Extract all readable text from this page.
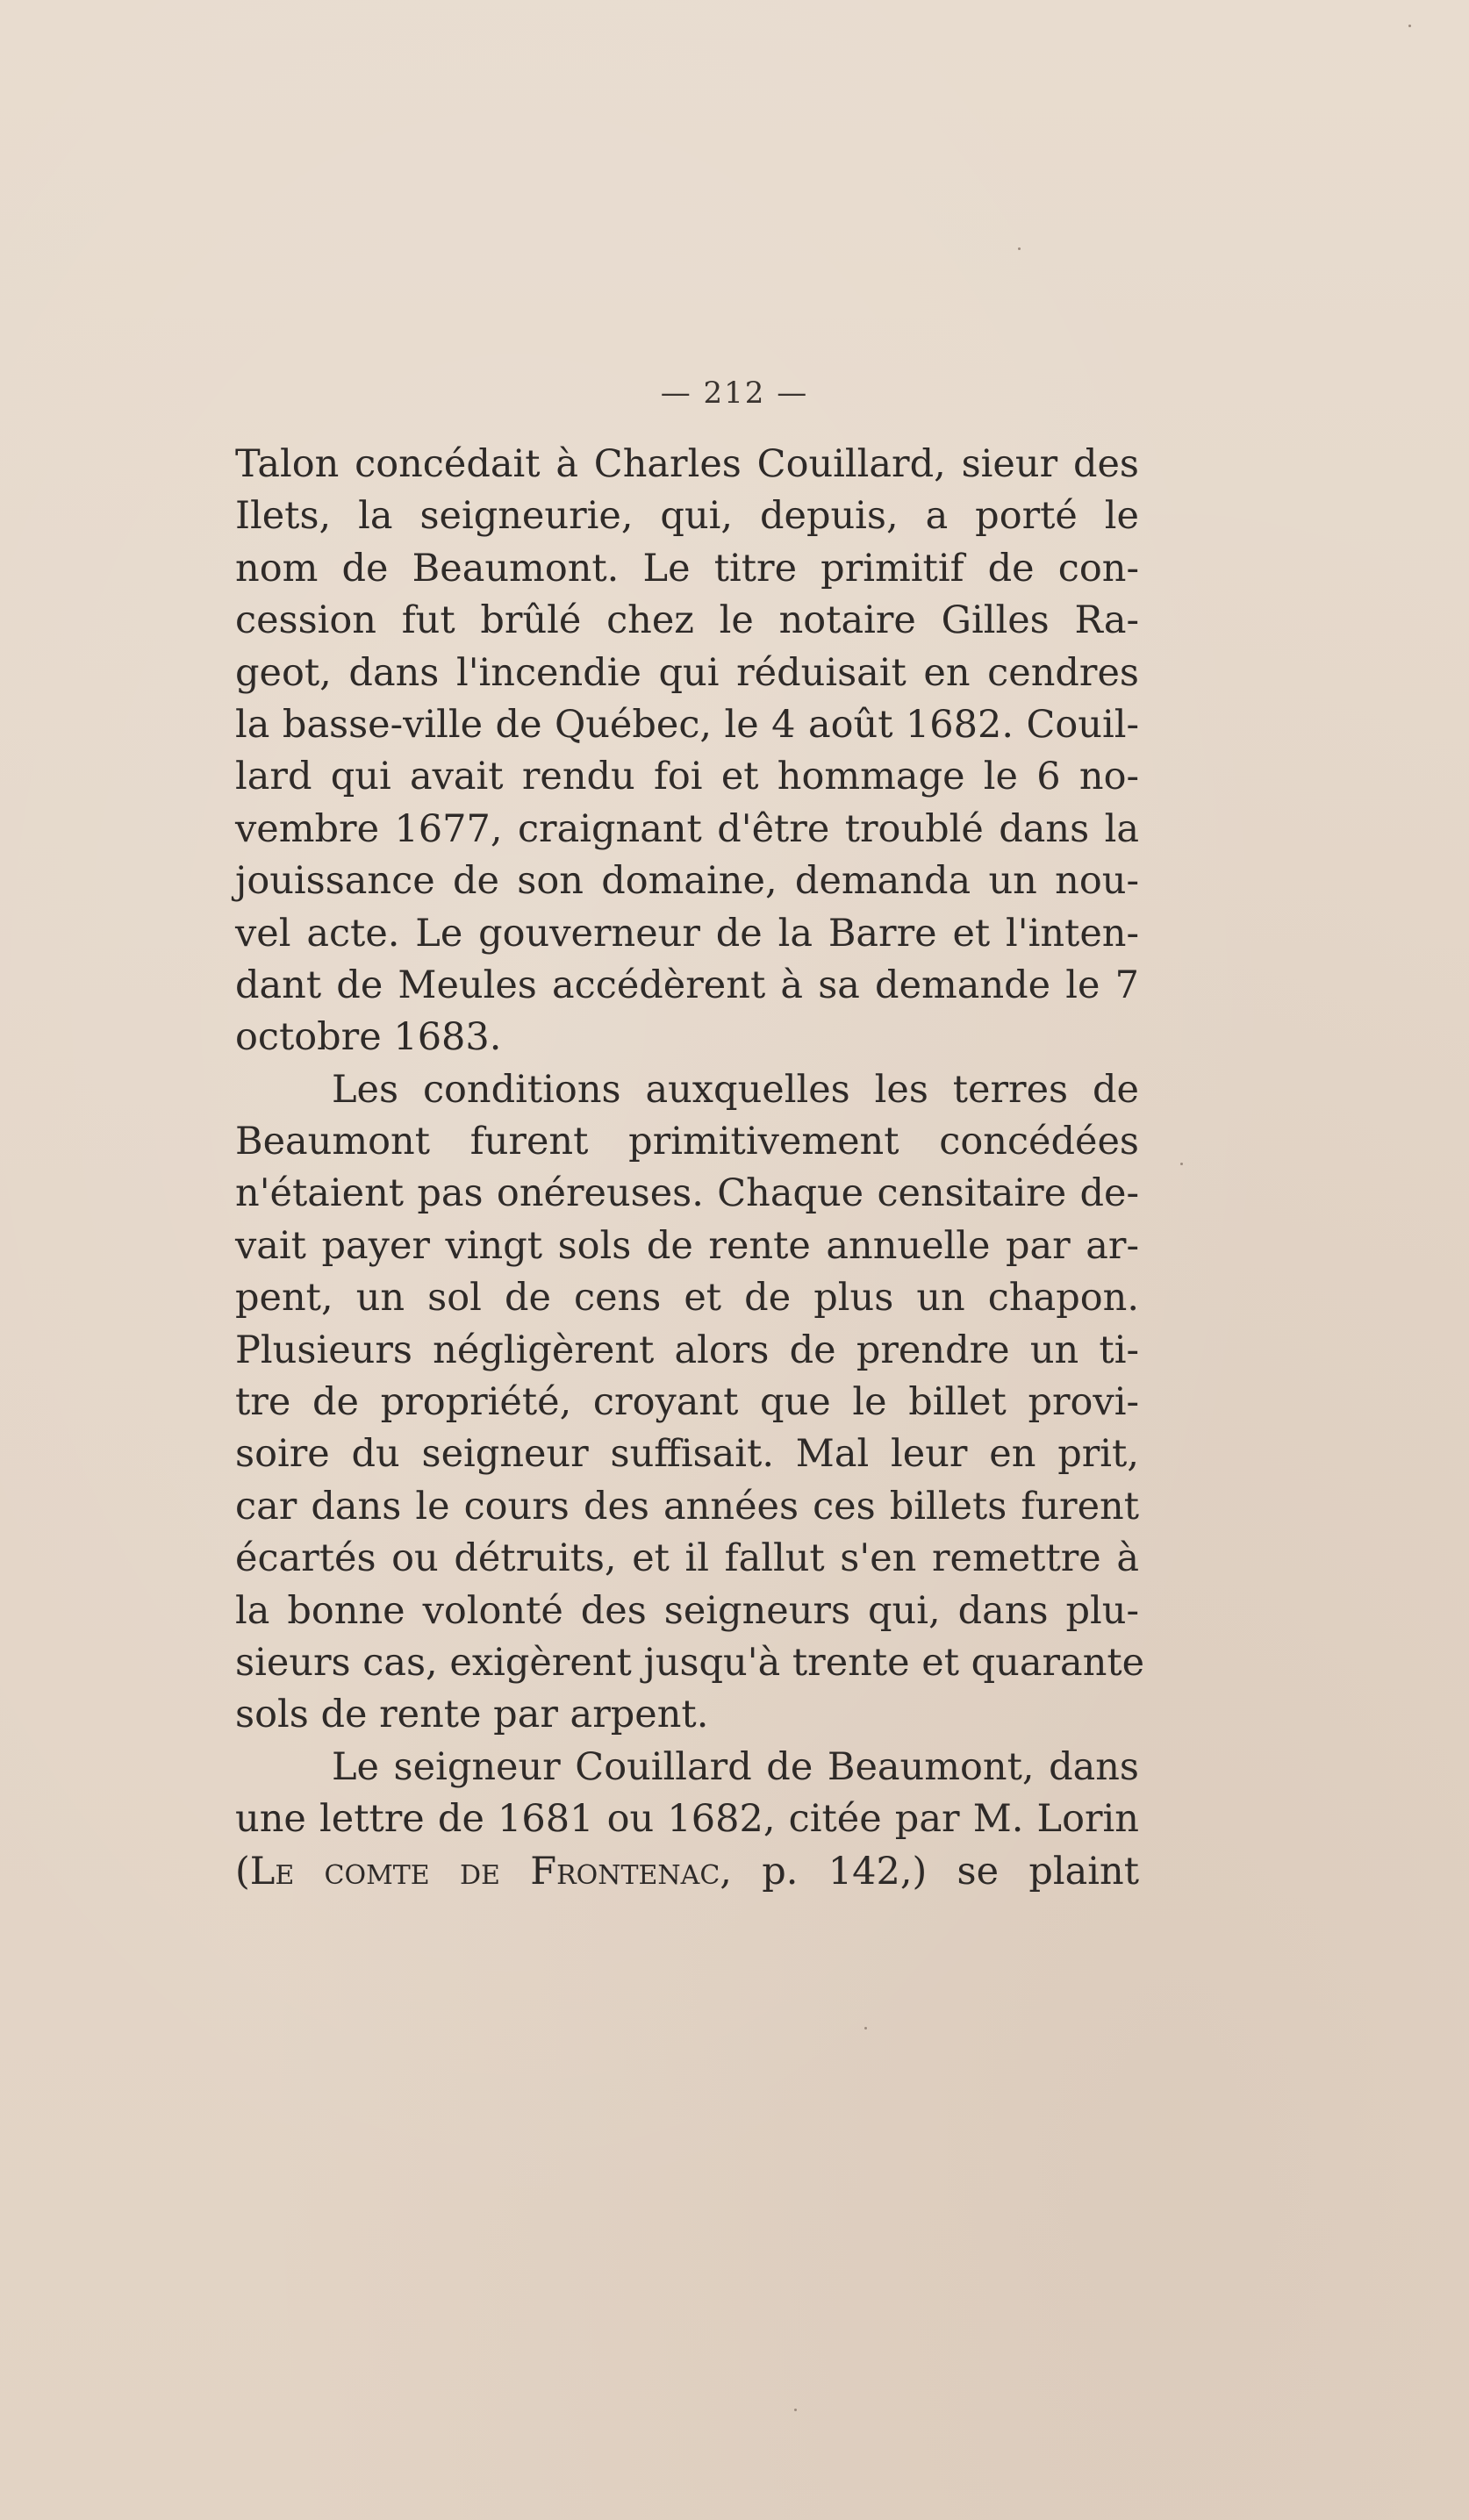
— 212 —
Talon concédait à Charles Couillard, sieur des
Ilets, la seigneurie, qui, depuis, a porté le
nom de Beaumont. Le titre primitif de con-
cession fut brûlé chez le notaire Gilles Ra-
geot, dans l'incendie qui réduisait en cendres
la basse-ville de Québec, le 4 août 1682. Couil-
lard qui avait rendu foi et hommage le 6 no-
vembre 1677, craignant d'être troublé dans la
jouissance de son domaine, demanda un nou-
vel acte. Le gouverneur de la Barre et l'inten-
dant de Meules accédèrent à sa demande le 7
octobre 1683.
Les conditions auxquelles les terres de
Beaumont furent primitivement concédées
n'étaient pas onéreuses. Chaque censitaire de-
vait payer vingt sols de rente annuelle par ar-
pent, un sol de cens et de plus un chapon.
Plusieurs négligèrent alors de prendre un ti-
tre de propriété, croyant que le billet provi-
soire du seigneur suffisait. Mal leur en prit,
car dans le cours des années ces billets furent
écartés ou détruits, et il fallut s'en remettre à
la bonne volonté des seigneurs qui, dans plu-
sieurs cas, exigèrent jusqu'à trente et quarante
sols de rente par arpent.
Le seigneur Couillard de Beaumont, dans
une lettre de 1681 ou 1682, citée par M. Lorin
(Le comte de Frontenac, p. 142,) se plaint
